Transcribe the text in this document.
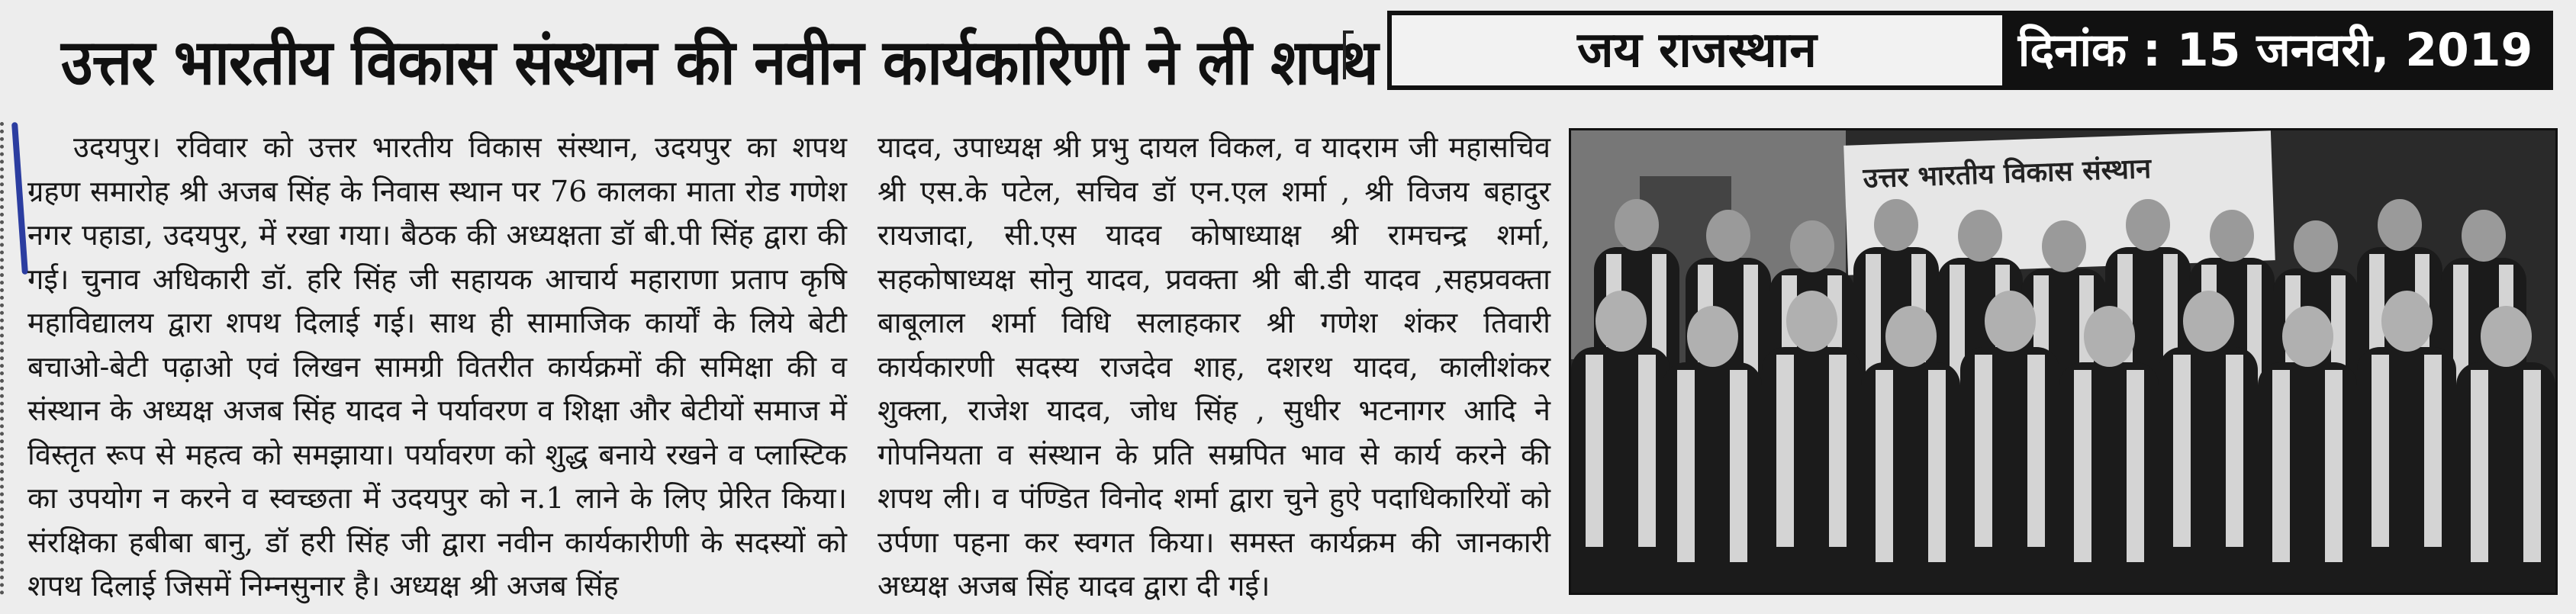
उत्तर भारतीय विकास संस्थान की नवीन कार्यकारिणी ने ली शपथ	जय राजस्थान	दिनांक : 15 जनवरी, 2019

उदयपुर। रविवार को उत्तर भारतीय विकास संस्थान, उदयपुर का शपथ ग्रहण समारोह श्री अजब सिंह के निवास स्थान पर 76 कालका माता रोड गणेश नगर पहाडा, उदयपुर, में रखा गया। बैठक की अध्यक्षता डॉ बी.पी सिंह द्वारा की गई। चुनाव अधिकारी डॉ. हरि सिंह जी सहायक आचार्य महाराणा प्रताप कृषि महाविद्यालय द्वारा शपथ दिलाई गई। साथ ही सामाजिक कार्यों के लिये बेटी बचाओ-बेटी पढ़ाओ एवं लिखन सामग्री वितरीत कार्यक्रमों की समिक्षा की व संस्थान के अध्यक्ष अजब सिंह यादव ने पर्यावरण व शिक्षा और बेटीयों समाज में विस्तृत रूप से महत्व को समझाया। पर्यावरण को शुद्ध बनाये रखने व प्लास्टिक का उपयोग न करने व स्वच्छता में उदयपुर को न.1 लाने के लिए प्रेरित किया। संरक्षिका हबीबा बानु, डॉ हरी सिंह जी द्वारा नवीन कार्यकारीणी के सदस्यों को शपथ दिलाई जिसमें निम्नसुनार है। अध्यक्ष श्री अजब सिंह

यादव, उपाध्यक्ष श्री प्रभु दायल विकल, व यादराम जी महासचिव श्री एस.के पटेल, सचिव डॉ एन.एल शर्मा , श्री विजय बहादुर रायजादा, सी.एस यादव कोषाध्याक्ष श्री रामचन्द्र शर्मा, सहकोषाध्यक्ष सोनु यादव, प्रवक्ता श्री बी.डी यादव ,सहप्रवक्ता बाबूलाल शर्मा विधि सलाहकार श्री गणेश शंकर तिवारी कार्यकारणी सदस्य राजदेव शाह, दशरथ यादव, कालीशंकर शुक्ला, राजेश यादव, जोध सिंह , सुधीर भटनागर आदि ने गोपनियता व संस्थान के प्रति सम्रपित भाव से कार्य करने की शपथ ली। व पंण्डित विनोद शर्मा द्वारा चुने हुऐ पदाधिकारियों को उर्पणा पहना कर स्वगत किया। समस्त कार्यक्रम की जानकारी अध्यक्ष अजब सिंह यादव द्वारा दी गई।

उत्तर भारतीय विकास संस्थान
